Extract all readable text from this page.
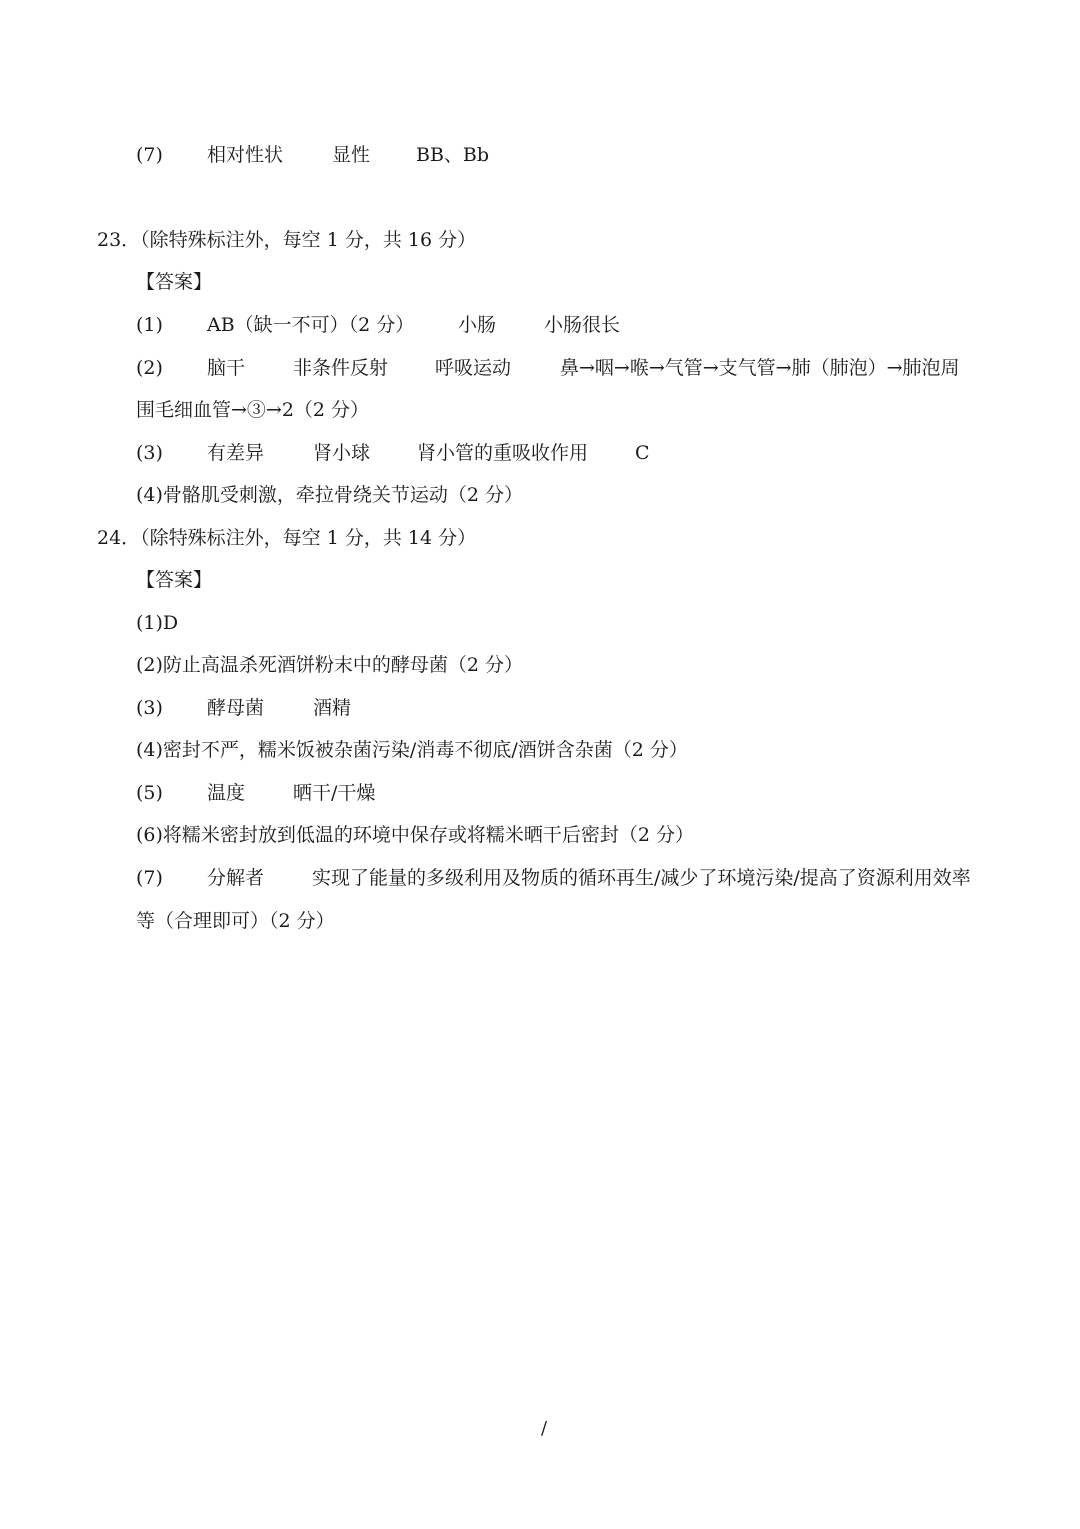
(7) 相对性状	显性 BB、Bb
23．（除特殊标注外，每空 1 分，共 16 分）
【答案】
(1) AB（缺一不可）（2 分） 小肠	小肠很长
(2) 脑干	非条件反射 呼吸运动	鼻→咽→喉→气管→支气管→肺（肺泡）→肺泡周
围毛细血管→③→2（2 分）
(3) 有差异	肾小球 肾小管的重吸收作用 C
(4)骨骼肌受刺激，牵拉骨绕关节运动（2 分）
24．（除特殊标注外，每空 1 分，共 14 分）
【答案】
(1)D
(2)防止高温杀死酒饼粉末中的酵母菌（2 分）
(3) 酵母菌	酒精
(4)密封不严，糯米饭被杂菌污染/消毒不彻底/酒饼含杂菌（2 分）
(5) 温度	晒干/干燥
(6)将糯米密封放到低温的环境中保存或将糯米晒干后密封（2 分）
(7) 分解者	实现了能量的多级利用及物质的循环再生/减少了环境污染/提高了资源利用效率
等（合理即可）（2 分）
/
